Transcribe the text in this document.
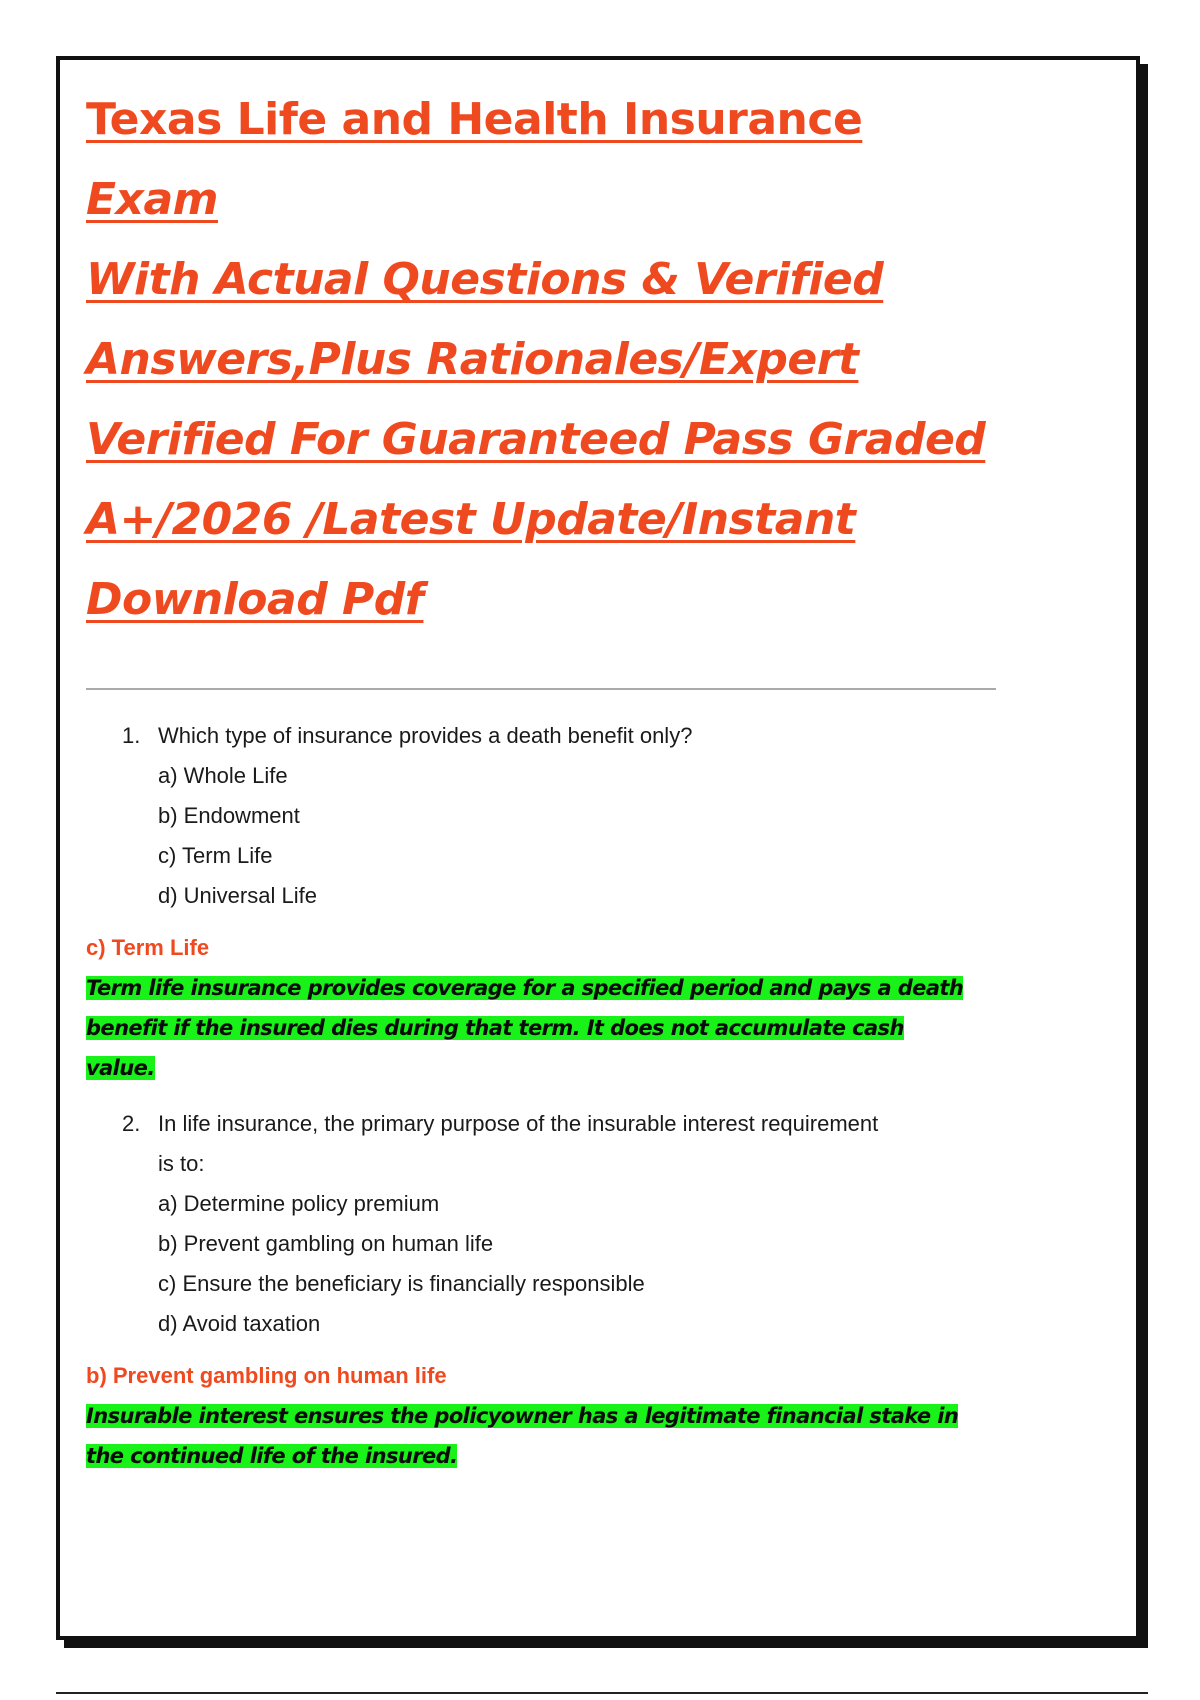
Texas Life and Health Insurance Exam
With Actual Questions & Verified
Answers,Plus Rationales/Expert
Verified For Guaranteed Pass Graded
A+/2026 /Latest Update/Instant
Download Pdf
1. Which type of insurance provides a death benefit only?
a) Whole Life
b) Endowment
c) Term Life
d) Universal Life
c) Term Life
Term life insurance provides coverage for a specified period and pays a death
benefit if the insured dies during that term. It does not accumulate cash
value.
2. In life insurance, the primary purpose of the insurable interest requirement is to:
a) Determine policy premium
b) Prevent gambling on human life
c) Ensure the beneficiary is financially responsible
d) Avoid taxation
b) Prevent gambling on human life
Insurable interest ensures the policyowner has a legitimate financial stake in
the continued life of the insured.
